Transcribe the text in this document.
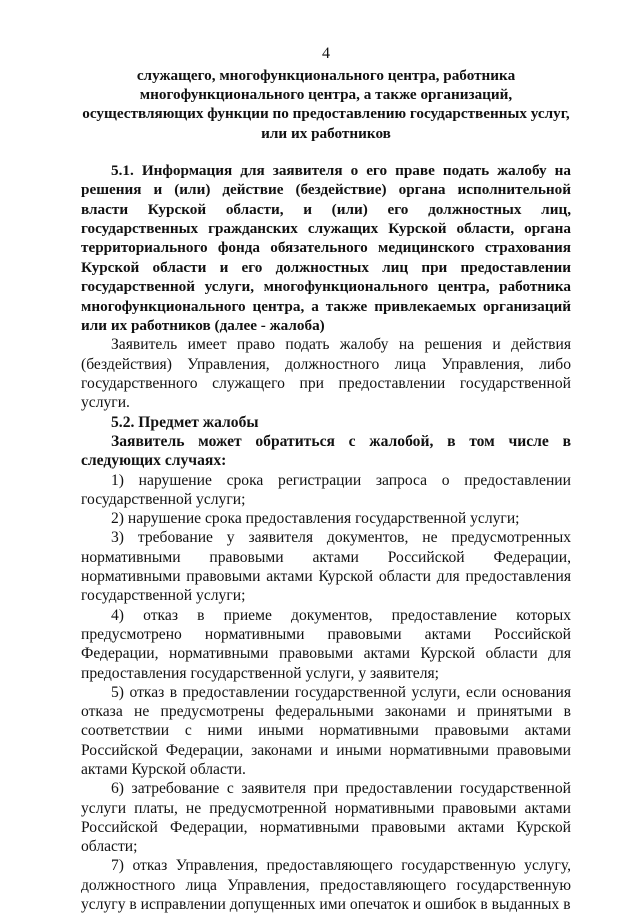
4
служащего, многофункционального центра, работника многофункционального центра, а также организаций, осуществляющих функции по предоставлению государственных услуг, или их работников
5.1. Информация для заявителя о его праве подать жалобу на решения и (или) действие (бездействие) органа исполнительной власти Курской области, и (или) его должностных лиц, государственных гражданских служащих Курской области, органа территориального фонда обязательного медицинского страхования Курской области и его должностных лиц при предоставлении государственной услуги, многофункционального центра, работника многофункционального центра, а также привлекаемых организаций или их работников (далее - жалоба)

Заявитель имеет право подать жалобу на решения и действия (бездействия) Управления, должностного лица Управления, либо государственного служащего при предоставлении государственной услуги.

5.2. Предмет жалобы

Заявитель может обратиться с жалобой, в том числе в следующих случаях:

1) нарушение срока регистрации запроса о предоставлении государственной услуги;

2) нарушение срока предоставления государственной услуги;

3) требование у заявителя документов, не предусмотренных нормативными правовыми актами Российской Федерации, нормативными правовыми актами Курской области для предоставления государственной услуги;

4) отказ в приеме документов, предоставление которых предусмотрено нормативными правовыми актами Российской Федерации, нормативными правовыми актами Курской области для предоставления государственной услуги, у заявителя;

5) отказ в предоставлении государственной услуги, если основания отказа не предусмотрены федеральными законами и принятыми в соответствии с ними иными нормативными правовыми актами Российской Федерации, законами и иными нормативными правовыми актами Курской области.

6) затребование с заявителя при предоставлении государственной услуги платы, не предусмотренной нормативными правовыми актами Российской Федерации, нормативными правовыми актами Курской области;

7) отказ Управления, предоставляющего государственную услугу, должностного лица Управления, предоставляющего государственную услугу в исправлении допущенных ими опечаток и ошибок в выданных в
